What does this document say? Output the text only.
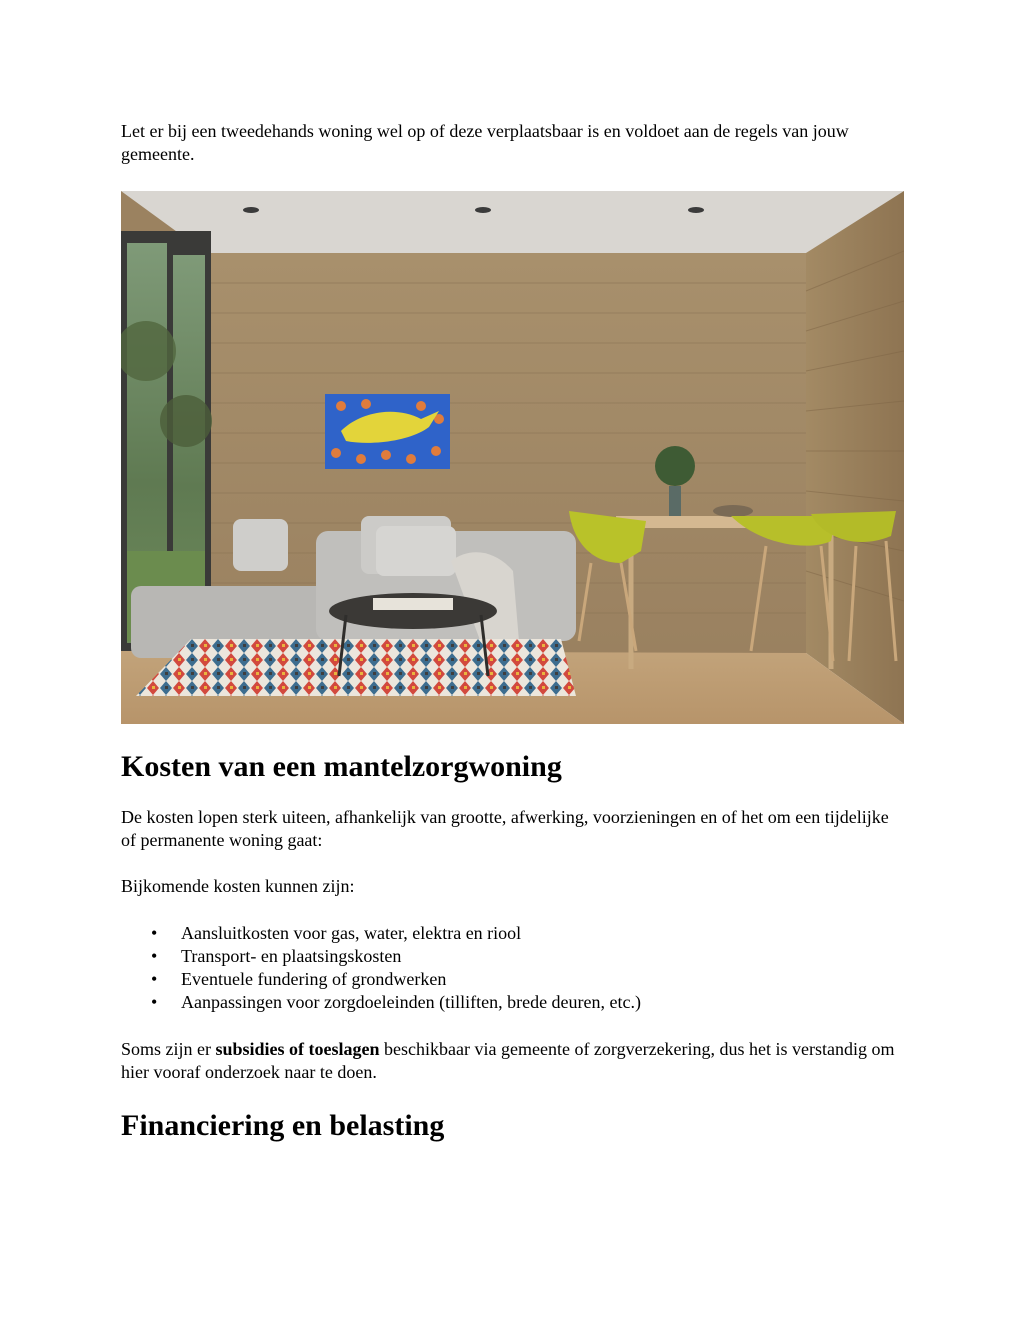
Let er bij een tweedehands woning wel op of deze verplaatsbaar is en voldoet aan de regels van jouw gemeente.

Kosten van een mantelzorgwoning

De kosten lopen sterk uiteen, afhankelijk van grootte, afwerking, voorzieningen en of het om een tijdelijke of permanente woning gaat:

Bijkomende kosten kunnen zijn:

• Aansluitkosten voor gas, water, elektra en riool
• Transport- en plaatsingskosten
• Eventuele fundering of grondwerken
• Aanpassingen voor zorgdoeleinden (tilliften, brede deuren, etc.)

Soms zijn er subsidies of toeslagen beschikbaar via gemeente of zorgverzekering, dus het is verstandig om hier vooraf onderzoek naar te doen.

Financiering en belasting
